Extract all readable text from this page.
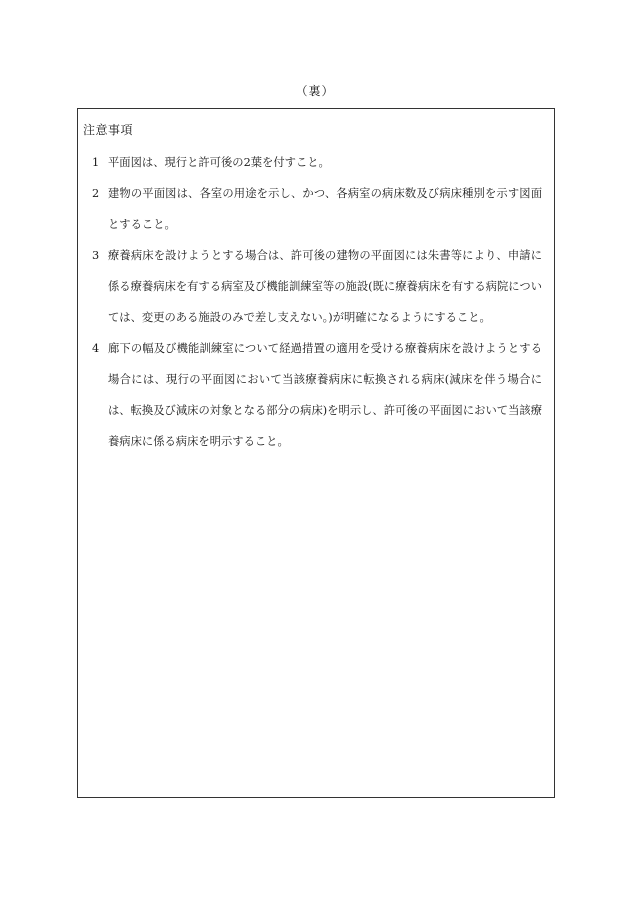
（裏）
注意事項
1 平面図は、現行と許可後の2葉を付すこと。
2 建物の平面図は、各室の用途を示し、かつ、各病室の病床数及び病床種別を示す図面とすること。
3 療養病床を設けようとする場合は、許可後の建物の平面図には朱書等により、申請に係る療養病床を有する病室及び機能訓練室等の施設(既に療養病床を有する病院については、変更のある施設のみで差し支えない。)が明確になるようにすること。
4 廊下の幅及び機能訓練室について経過措置の適用を受ける療養病床を設けようとする場合には、現行の平面図において当該療養病床に転換される病床(減床を伴う場合には、転換及び減床の対象となる部分の病床)を明示し、許可後の平面図において当該療養病床に係る病床を明示すること。
